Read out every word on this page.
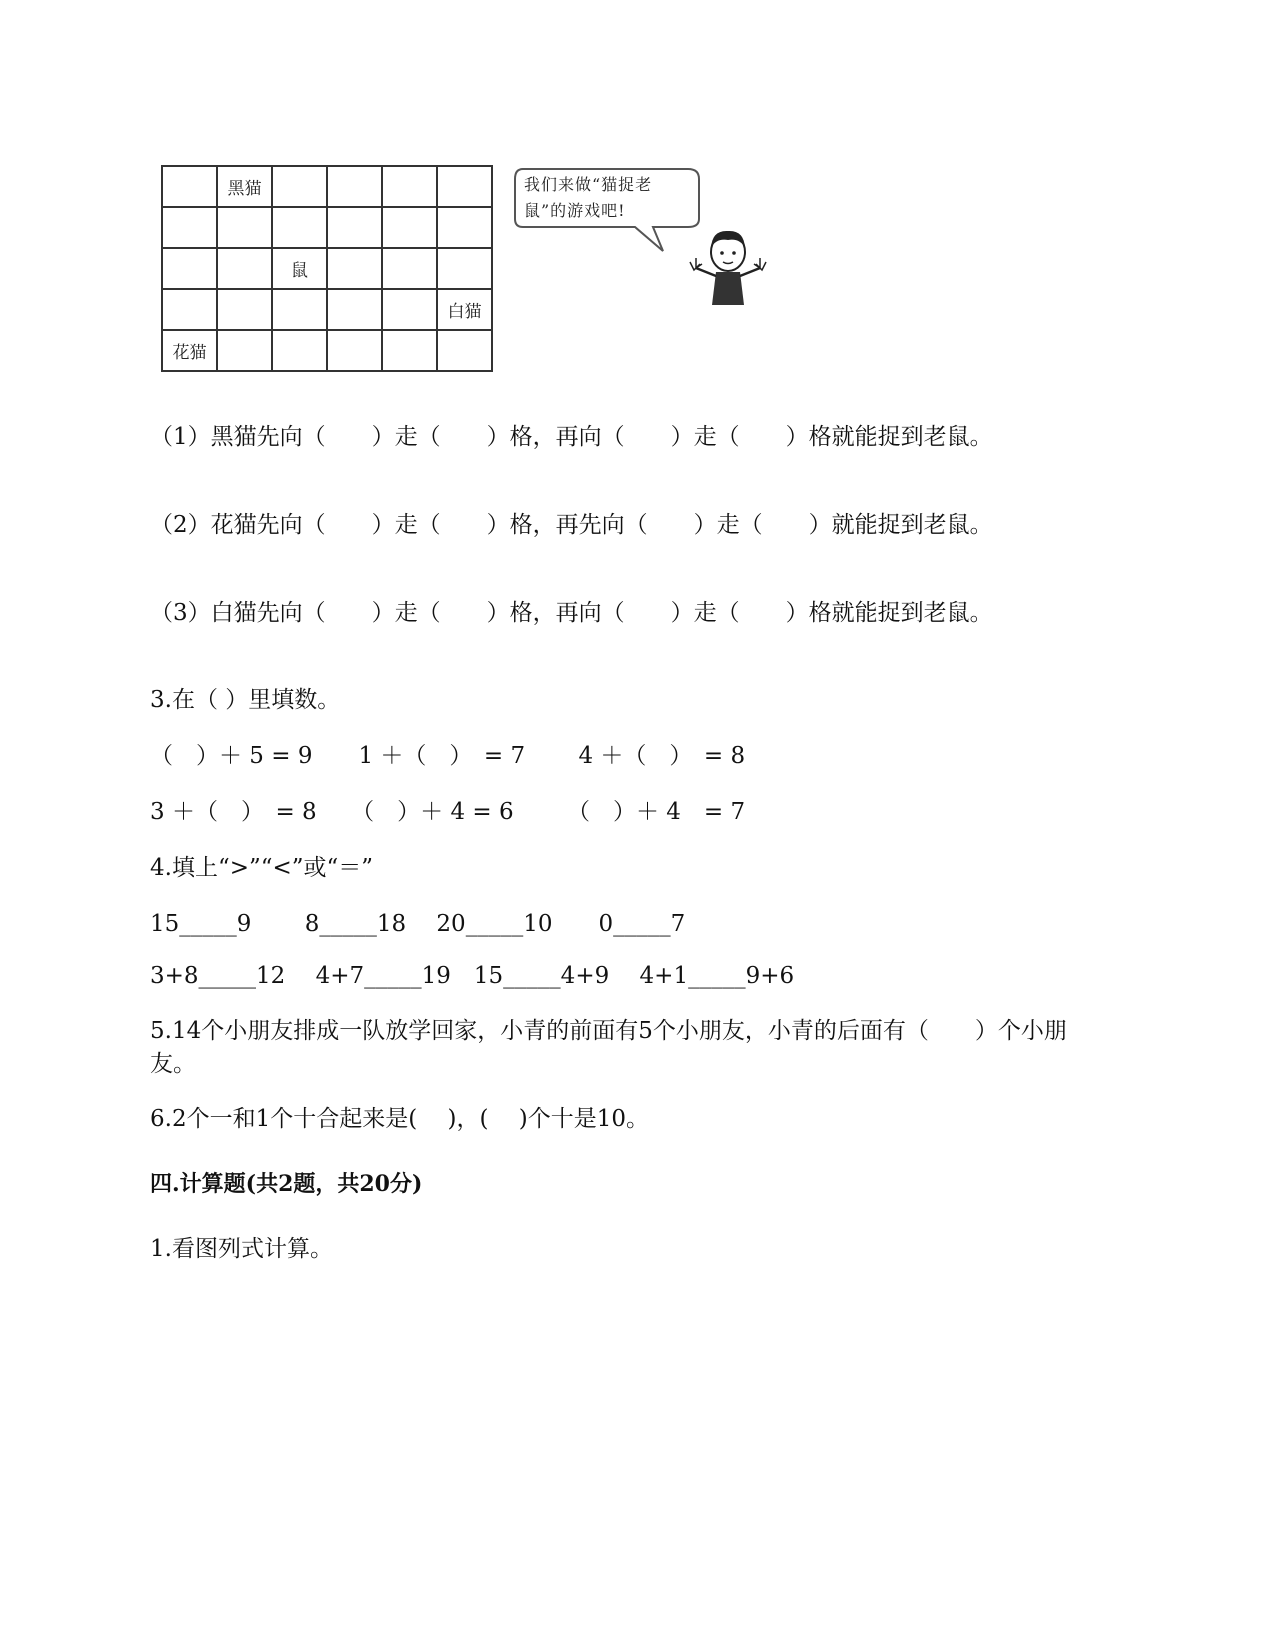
	黑猫				

		鼠			
					白猫
花猫					
我们来做“猫捉老鼠”的游戏吧!
（1）黑猫先向（　　）走（　　）格，再向（　　）走（　　）格就能捉到老鼠。
（2）花猫先向（　　）走（　　）格，再先向（　　）走（　　）就能捉到老鼠。
（3）白猫先向（　　）走（　　）格，再向（　　）走（　　）格就能捉到老鼠。
3.在（ ）里填数。
（　）＋ 5 = 9　　1 ＋（　）　= 7　　 4 ＋（　）　= 8
3 ＋（　）　= 8　　（　）＋ 4 = 6　　 （　）＋ 4　= 7
4.填上“>”“<”或“＝”
15_____9　　 8_____18　 20_____10　　0_____7
3+8_____12　 4+7_____19　15_____4+9　 4+1_____9+6
5.14个小朋友排成一队放学回家，小青的前面有5个小朋友，小青的后面有（　　）个小朋
友。
6.2个一和1个十合起来是(　 )，(　 )个十是10。
四.计算题(共2题，共20分)
1.看图列式计算。
